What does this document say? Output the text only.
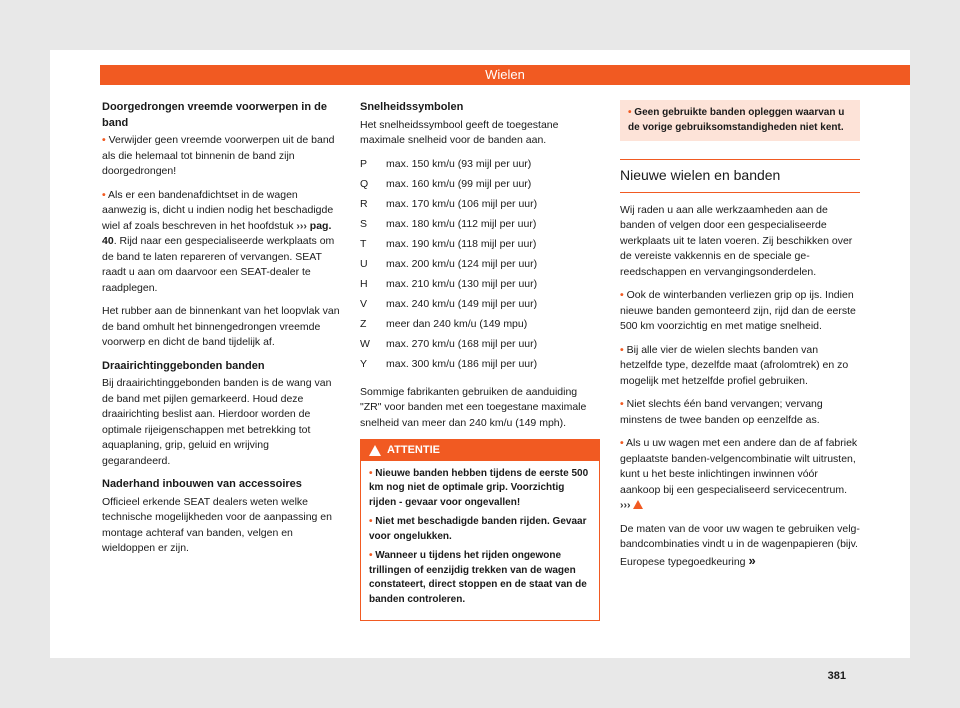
Wielen
Doorgedrongen vreemde voorwerpen in de band

• Verwijder geen vreemde voorwerpen uit de band als die helemaal tot binnenin de band zijn doorgedrongen!

• Als er een bandenafdichtset in de wagen aanwezig is, dicht u indien nodig het beschadigde wiel af zoals beschreven in het hoofdstuk ››› pag. 40. Rijd naar een gespecialiseerde werkplaats om de band te laten repareren of vervangen. SEAT raadt u aan om daarvoor een SEAT-dealer te raadplegen.

Het rubber aan de binnenkant van het loopvlak van de band omhult het binnengedrongen vreemde voorwerp en dicht de band tijdelijk af.

Draairichtinggebonden banden

Bij draairichtinggebonden banden is de wang van de band met pijlen gemarkeerd. Houd deze draairichting beslist aan. Hierdoor worden de optimale rijeigenschappen met betrekking tot aquaplaning, grip, geluid en wrijving gegarandeerd.

Naderhand inbouwen van accessoires

Officieel erkende SEAT dealers weten welke technische mogelijkheden voor de aanpassing en montage achteraf van banden, velgen en wieldoppen er zijn.

Snelheidssymbolen

Het snelheidssymbool geeft de toegestane maximale snelheid voor de banden aan.

P	max. 150 km/u (93 mijl per uur)
Q	max. 160 km/u (99 mijl per uur)
R	max. 170 km/u (106 mijl per uur)
S	max. 180 km/u (112 mijl per uur)
T	max. 190 km/u (118 mijl per uur)
U	max. 200 km/u (124 mijl per uur)
H	max. 210 km/u (130 mijl per uur)
V	max. 240 km/u (149 mijl per uur)
Z	meer dan 240 km/u (149 mpu)
W	max. 270 km/u (168 mijl per uur)
Y	max. 300 km/u (186 mijl per uur)

Sommige fabrikanten gebruiken de aanduiding "ZR" voor banden met een toegestane maximale snelheid van meer dan 240 km/u (149 mph).

ATTENTIE

• Nieuwe banden hebben tijdens de eerste 500 km nog niet de optimale grip. Voorzichtig rijden - gevaar voor ongevallen!

• Niet met beschadigde banden rijden. Gevaar voor ongelukken.

• Wanneer u tijdens het rijden ongewone trillingen of eenzijdig trekken van de wagen constateert, direct stoppen en de staat van de banden controleren.

• Geen gebruikte banden opleggen waarvan u de vorige gebruiksomstandigheden niet kent.
Nieuwe wielen en banden

Wij raden u aan alle werkzaamheden aan de banden of velgen door een gespecialiseerde werkplaats uit te laten voeren. Zij beschikken over de vereiste vakkennis en de speciale gereedschappen en vervangingsonderdelen.

• Ook de winterbanden verliezen grip op ijs. Indien nieuwe banden gemonteerd zijn, rijd dan de eerste 500 km voorzichtig en met matige snelheid.

• Bij alle vier de wielen slechts banden van hetzelfde type, dezelfde maat (afrolomtrek) en zo mogelijk met hetzelfde profiel gebruiken.

• Niet slechts één band vervangen; vervang minstens de twee banden op eenzelfde as.

• Als u uw wagen met een andere dan de af fabriek geplaatste banden-velgencombinatie wilt uitrusten, kunt u het beste inlichtingen inwinnen vóór aankoop bij een gespecialiseerd servicecentrum. ›››

De maten van de voor uw wagen te gebruiken velg-bandcombinaties vindt u in de wagenpapieren (bijv. Europese typegoedkeuring »

381
